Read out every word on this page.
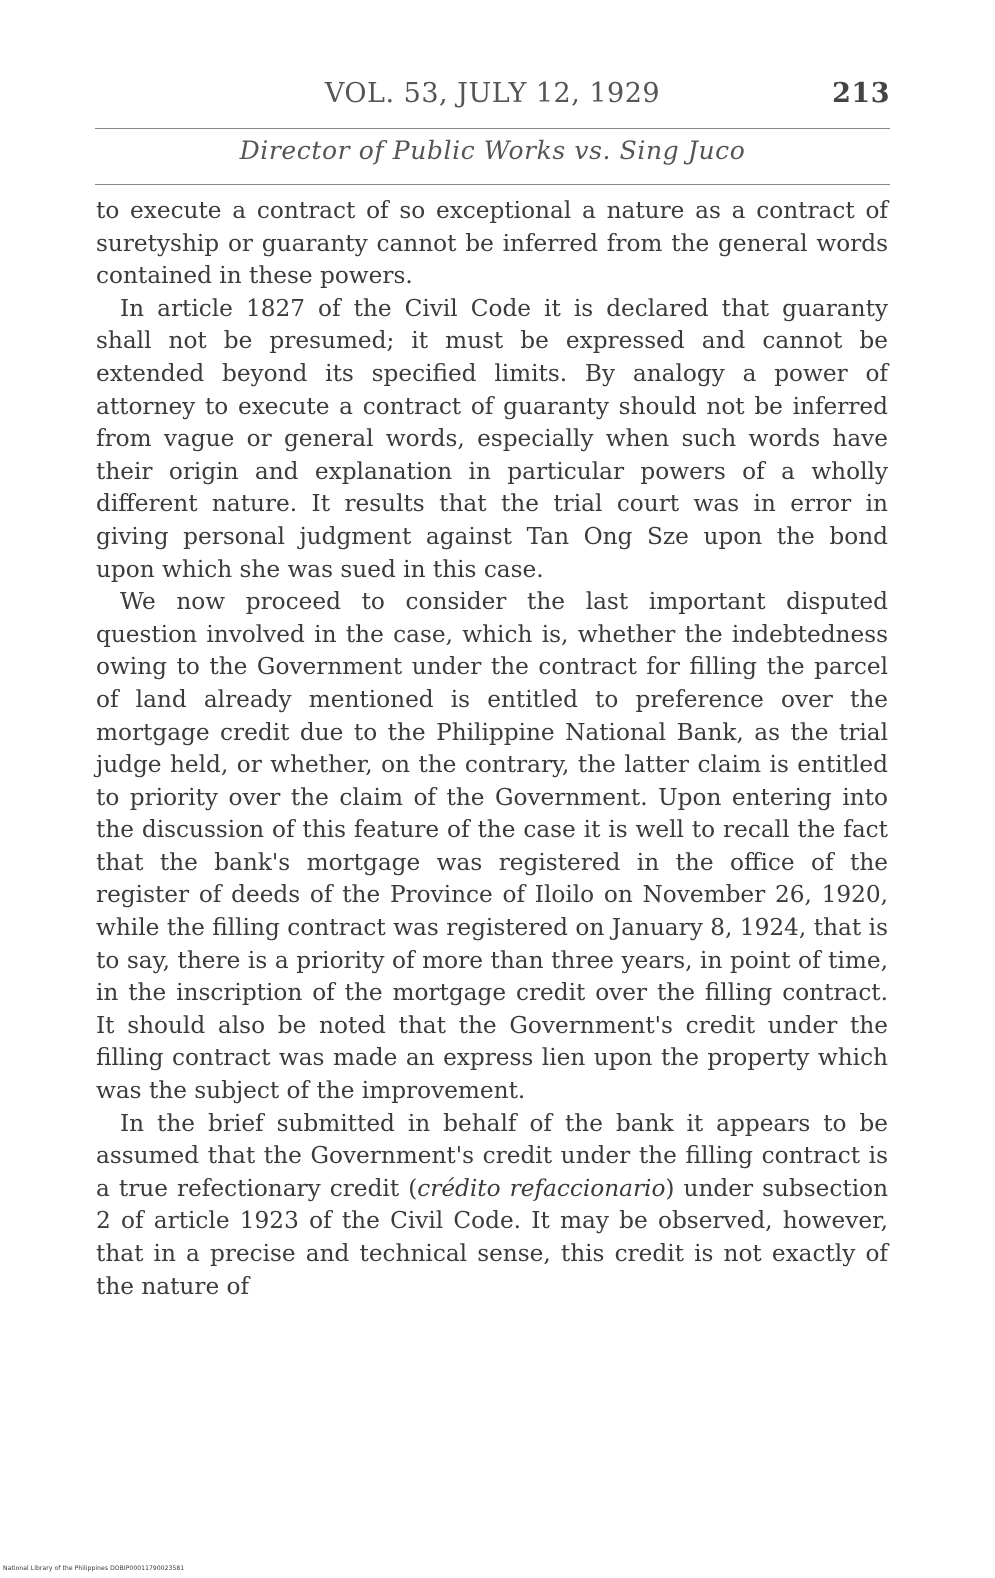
VOL. 53, JULY 12, 1929	213
Director of Public Works vs. Sing Juco

to execute a contract of so exceptional a nature as a contract of suretyship or guaranty cannot be inferred from the general words contained in these powers.

In article 1827 of the Civil Code it is declared that guaranty shall not be presumed; it must be expressed and cannot be extended beyond its specified limits. By analogy a power of attorney to execute a contract of guaranty should not be inferred from vague or general words, especially when such words have their origin and explanation in particular powers of a wholly different nature. It results that the trial court was in error in giving personal judgment against Tan Ong Sze upon the bond upon which she was sued in this case.

We now proceed to consider the last important disputed question involved in the case, which is, whether the indebtedness owing to the Government under the contract for filling the parcel of land already mentioned is entitled to preference over the mortgage credit due to the Philippine National Bank, as the trial judge held, or whether, on the contrary, the latter claim is entitled to priority over the claim of the Government. Upon entering into the discussion of this feature of the case it is well to recall the fact that the bank's mortgage was registered in the office of the register of deeds of the Province of Iloilo on November 26, 1920, while the filling contract was registered on January 8, 1924, that is to say, there is a priority of more than three years, in point of time, in the inscription of the mortgage credit over the filling contract. It should also be noted that the Government's credit under the filling contract was made an express lien upon the property which was the subject of the improvement.

In the brief submitted in behalf of the bank it appears to be assumed that the Government's credit under the filling contract is a true refectionary credit (crédito refaccionario) under subsection 2 of article 1923 of the Civil Code. It may be observed, however, that in a precise and technical sense, this credit is not exactly of the nature of

National Library of the Philippines DOBIP00011790023581
